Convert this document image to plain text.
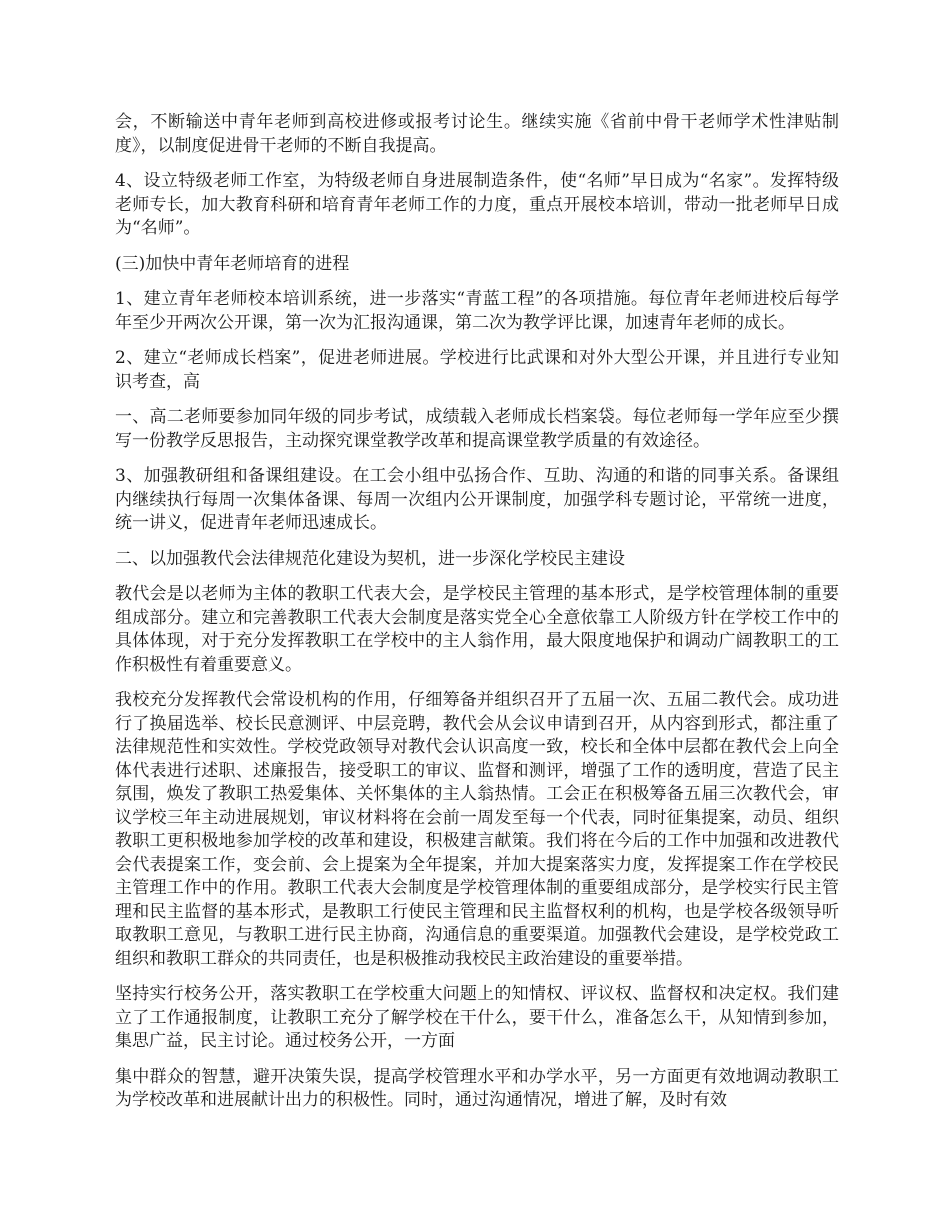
会，不断输送中青年老师到高校进修或报考讨论生。继续实施《省前中骨干老师学术性津贴制度》，以制度促进骨干老师的不断自我提高。

4、设立特级老师工作室，为特级老师自身进展制造条件，使“名师”早日成为“名家”。发挥特级老师专长，加大教育科研和培育青年老师工作的力度，重点开展校本培训，带动一批老师早日成为“名师”。

(三)加快中青年老师培育的进程

1、建立青年老师校本培训系统，进一步落实“青蓝工程”的各项措施。每位青年老师进校后每学年至少开两次公开课，第一次为汇报沟通课，第二次为教学评比课，加速青年老师的成长。

2、建立“老师成长档案”，促进老师进展。学校进行比武课和对外大型公开课，并且进行专业知识考查，高

一、高二老师要参加同年级的同步考试，成绩载入老师成长档案袋。每位老师每一学年应至少撰写一份教学反思报告，主动探究课堂教学改革和提高课堂教学质量的有效途径。

3、加强教研组和备课组建设。在工会小组中弘扬合作、互助、沟通的和谐的同事关系。备课组内继续执行每周一次集体备课、每周一次组内公开课制度，加强学科专题讨论，平常统一进度，统一讲义，促进青年老师迅速成长。

二、以加强教代会法律规范化建设为契机，进一步深化学校民主建设

教代会是以老师为主体的教职工代表大会，是学校民主管理的基本形式，是学校管理体制的重要组成部分。建立和完善教职工代表大会制度是落实党全心全意依靠工人阶级方针在学校工作中的具体体现，对于充分发挥教职工在学校中的主人翁作用，最大限度地保护和调动广阔教职工的工作积极性有着重要意义。

我校充分发挥教代会常设机构的作用，仔细筹备并组织召开了五届一次、五届二教代会。成功进行了换届选举、校长民意测评、中层竞聘，教代会从会议申请到召开，从内容到形式，都注重了法律规范性和实效性。学校党政领导对教代会认识高度一致，校长和全体中层都在教代会上向全体代表进行述职、述廉报告，接受职工的审议、监督和测评，增强了工作的透明度，营造了民主氛围，焕发了教职工热爱集体、关怀集体的主人翁热情。工会正在积极筹备五届三次教代会，审议学校三年主动进展规划，审议材料将在会前一周发至每一个代表，同时征集提案，动员、组织教职工更积极地参加学校的改革和建设，积极建言献策。我们将在今后的工作中加强和改进教代会代表提案工作，变会前、会上提案为全年提案，并加大提案落实力度，发挥提案工作在学校民主管理工作中的作用。教职工代表大会制度是学校管理体制的重要组成部分，是学校实行民主管理和民主监督的基本形式，是教职工行使民主管理和民主监督权利的机构，也是学校各级领导听取教职工意见，与教职工进行民主协商，沟通信息的重要渠道。加强教代会建设，是学校党政工组织和教职工群众的共同责任，也是积极推动我校民主政治建设的重要举措。

坚持实行校务公开，落实教职工在学校重大问题上的知情权、评议权、监督权和决定权。我们建立了工作通报制度，让教职工充分了解学校在干什么，要干什么，准备怎么干，从知情到参加，集思广益，民主讨论。通过校务公开，一方面

集中群众的智慧，避开决策失误，提高学校管理水平和办学水平，另一方面更有效地调动教职工为学校改革和进展献计出力的积极性。同时，通过沟通情况，增进了解，及时有效
